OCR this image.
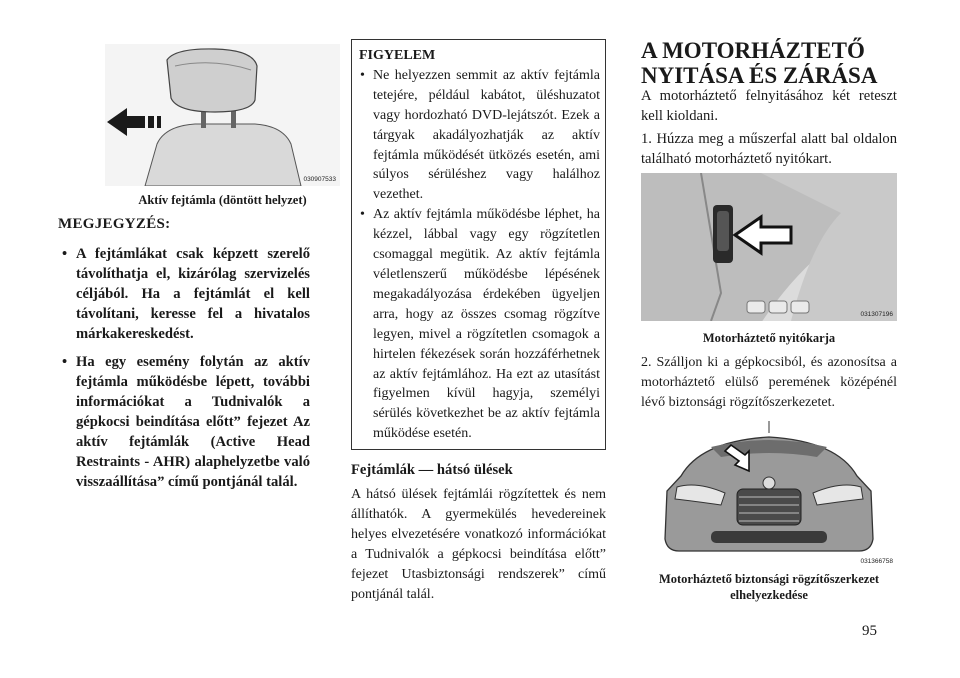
030907533
Aktív fejtámla (döntött helyzet)
MEGJEGYZÉS:
• A fejtámlákat csak képzett szerelő távolíthatja el, kizárólag szervizelés céljából. Ha a fejtámlát el kell távolítani, keresse fel a hivatalos márkakereskedést.
• Ha egy esemény folytán az aktív fejtámla működésbe lépett, további információkat a Tudnivalók a gépkocsi beindítása előtt” fejezet Az aktív fejtámlák (Active Head Restraints - AHR) alaphelyzetbe való visszaállítása” című pontjánál talál.
FIGYELEM
• Ne helyezzen semmit az aktív fejtámla tetejére, például kabátot, üléshuzatot vagy hordozható DVD-lejátszót. Ezek a tárgyak akadályozhatják az aktív fejtámla működését ütközés esetén, ami súlyos sérüléshez vagy halálhoz vezethet.
• Az aktív fejtámla működésbe léphet, ha kézzel, lábbal vagy egy rögzítetlen csomaggal megütik. Az aktív fejtámla véletlenszerű működésbe lépésének megakadályozása érdekében ügyeljen arra, hogy az összes csomag rögzítve legyen, mivel a rögzítetlen csomagok a hirtelen fékezések során hozzáférhetnek az aktív fejtámlához. Ha ezt az utasítást figyelmen kívül hagyja, személyi sérülés következhet be az aktív fejtámla működése esetén.
Fejtámlák — hátsó ülések

A hátsó ülések fejtámlái rögzítettek és nem állíthatók. A gyermekülés hevedereinek helyes elvezetésére vonatkozó információkat a Tudnivalók a gépkocsi beindítása előtt” fejezet Utasbiztonsági rendszerek” című pontjánál talál.

A MOTORHÁZTETŐ NYITÁSA ÉS ZÁRÁSA

A motorháztető felnyitásához két reteszt kell kioldani.

1. Húzza meg a műszerfal alatt bal oldalon található motorháztető nyitókart.

031307196
Motorháztető nyitókarja

2. Szálljon ki a gépkocsiból, és azonosítsa a motorháztető elülső peremének középénél lévő biztonsági rögzítőszerkezetet.

031366758
Motorháztető biztonsági rögzítőszerkezet elhelyezkedése
95
